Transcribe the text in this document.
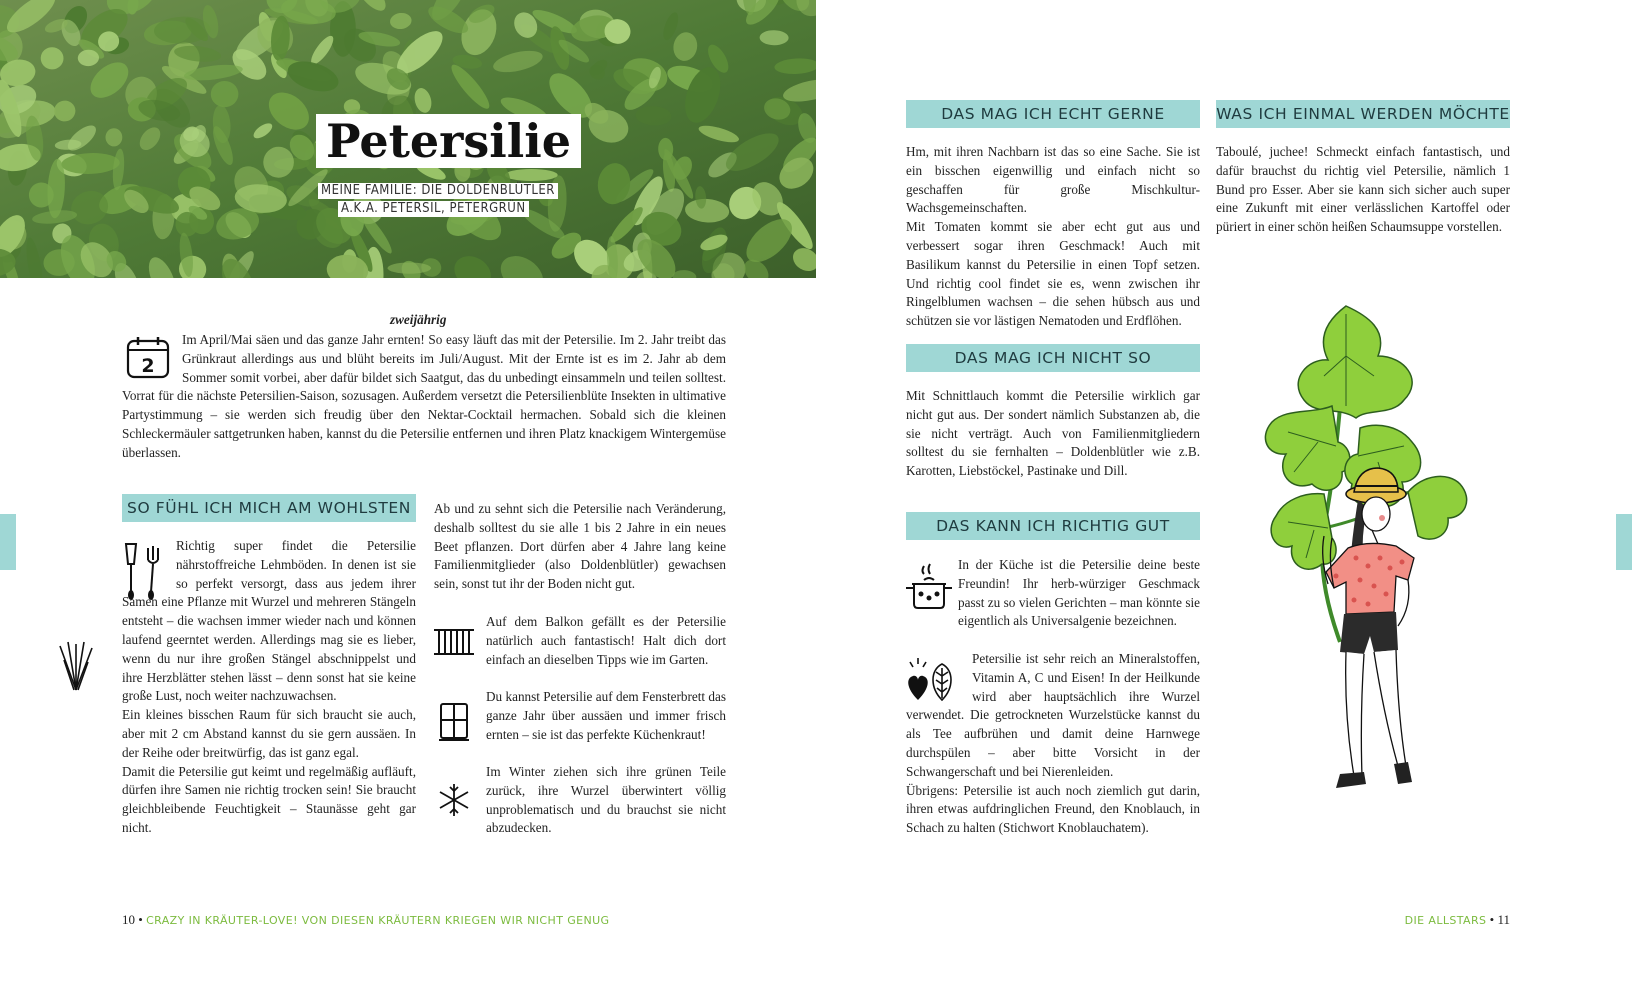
Petersilie
MEINE FAMILIE: DIE DOLDENBLÜTLER
A.K.A. PETERSIL, PETERGRÜN
zweijährig
2
Im April/Mai säen und das ganze Jahr ernten! So easy läuft das mit der Petersilie. Im 2. Jahr treibt das Grünkraut allerdings aus und blüht bereits im Juli/August. Mit der Ernte ist es im 2. Jahr ab dem Sommer somit vorbei, aber dafür bildet sich Saatgut, das du unbedingt einsammeln und teilen solltest. Vorrat für die nächste Petersilien-Saison, sozusagen. Außerdem versetzt die Petersilienblüte Insekten in ultimative Partystimmung – sie werden sich freudig über den Nektar-Cocktail hermachen. Sobald sich die kleinen Schleckermäuler sattgetrunken haben, kannst du die Petersilie entfernen und ihren Platz knackigem Wintergemüse überlassen.
SO FÜHL ICH MICH AM WOHLSTEN

Richtig super findet die Petersilie nährstoffreiche Lehmböden. In denen ist sie so perfekt versorgt, dass aus jedem ihrer Samen eine Pflanze mit Wurzel und mehreren Stängeln entsteht – die wachsen immer wieder nach und können laufend geerntet werden. Allerdings mag sie es lieber, wenn du nur ihre großen Stängel abschnippelst und ihre Herzblätter stehen lässt – denn sonst hat sie keine große Lust, noch weiter nachzuwachsen.

Ein kleines bisschen Raum für sich braucht sie auch, aber mit 2 cm Abstand kannst du sie gern aussäen. In der Reihe oder breitwürfig, das ist ganz egal.

Damit die Petersilie gut keimt und regelmäßig aufläuft, dürfen ihre Samen nie richtig trocken sein! Sie braucht gleichbleibende Feuchtigkeit – Staunässe geht gar nicht.

Ab und zu sehnt sich die Petersilie nach Veränderung, deshalb solltest du sie alle 1 bis 2 Jahre in ein neues Beet pflanzen. Dort dürfen aber 4 Jahre lang keine Familienmitglieder (also Doldenblütler) gewachsen sein, sonst tut ihr der Boden nicht gut.
Auf dem Balkon gefällt es der Petersilie natürlich auch fantastisch! Halt dich dort einfach an dieselben Tipps wie im Garten.
Du kannst Petersilie auf dem Fensterbrett das ganze Jahr über aussäen und immer frisch ernten – sie ist das perfekte Küchenkraut!
Im Winter ziehen sich ihre grünen Teile zurück, ihre Wurzel überwintert völlig unproblematisch und du brauchst sie nicht abzudecken.
DAS MAG ICH ECHT GERNE

Hm, mit ihren Nachbarn ist das so eine Sache. Sie ist ein bisschen eigenwillig und einfach nicht so geschaffen für große Mischkultur-Wachsgemeinschaften.

Mit Tomaten kommt sie aber echt gut aus und verbessert sogar ihren Geschmack! Auch mit Basilikum kannst du Petersilie in einen Topf setzen. Und richtig cool findet sie es, wenn zwischen ihr Ringelblumen wachsen – die sehen hübsch aus und schützen sie vor lästigen Nematoden und Erdflöhen.

DAS MAG ICH NICHT SO
Mit Schnittlauch kommt die Petersilie wirklich gar nicht gut aus. Der sondert nämlich Substanzen ab, die sie nicht verträgt. Auch von Familienmitgliedern solltest du sie fernhalten – Doldenblütler wie z.B. Karotten, Liebstöckel, Pastinake und Dill.
DAS KANN ICH RICHTIG GUT

In der Küche ist die Petersilie deine beste Freundin! Ihr herb-würziger Geschmack passt zu so vielen Gerichten – man könnte sie eigentlich als Universalgenie bezeichnen.

Petersilie ist sehr reich an Mineralstoffen, Vitamin A, C und Eisen! In der Heilkunde wird aber hauptsächlich ihre Wurzel verwendet. Die getrockneten Wurzelstücke kannst du als Tee aufbrühen und damit deine Harnwege durchspülen – aber bitte Vorsicht in der Schwangerschaft und bei Nierenleiden.

Übrigens: Petersilie ist auch noch ziemlich gut darin, ihren etwas aufdringlichen Freund, den Knoblauch, in Schach zu halten (Stichwort Knoblauchatem).

WAS ICH EINMAL WERDEN MÖCHTE
Taboulé, juchee! Schmeckt einfach fantastisch, und dafür brauchst du richtig viel Petersilie, nämlich 1 Bund pro Esser. Aber sie kann sich sicher auch super eine Zukunft mit einer verlässlichen Kartoffel oder püriert in einer schön heißen Schaumsuppe vorstellen.
10 • CRAZY IN KRÄUTER-LOVE! VON DIESEN KRÄUTERN KRIEGEN WIR NICHT GENUG	DIE ALLSTARS • 11
